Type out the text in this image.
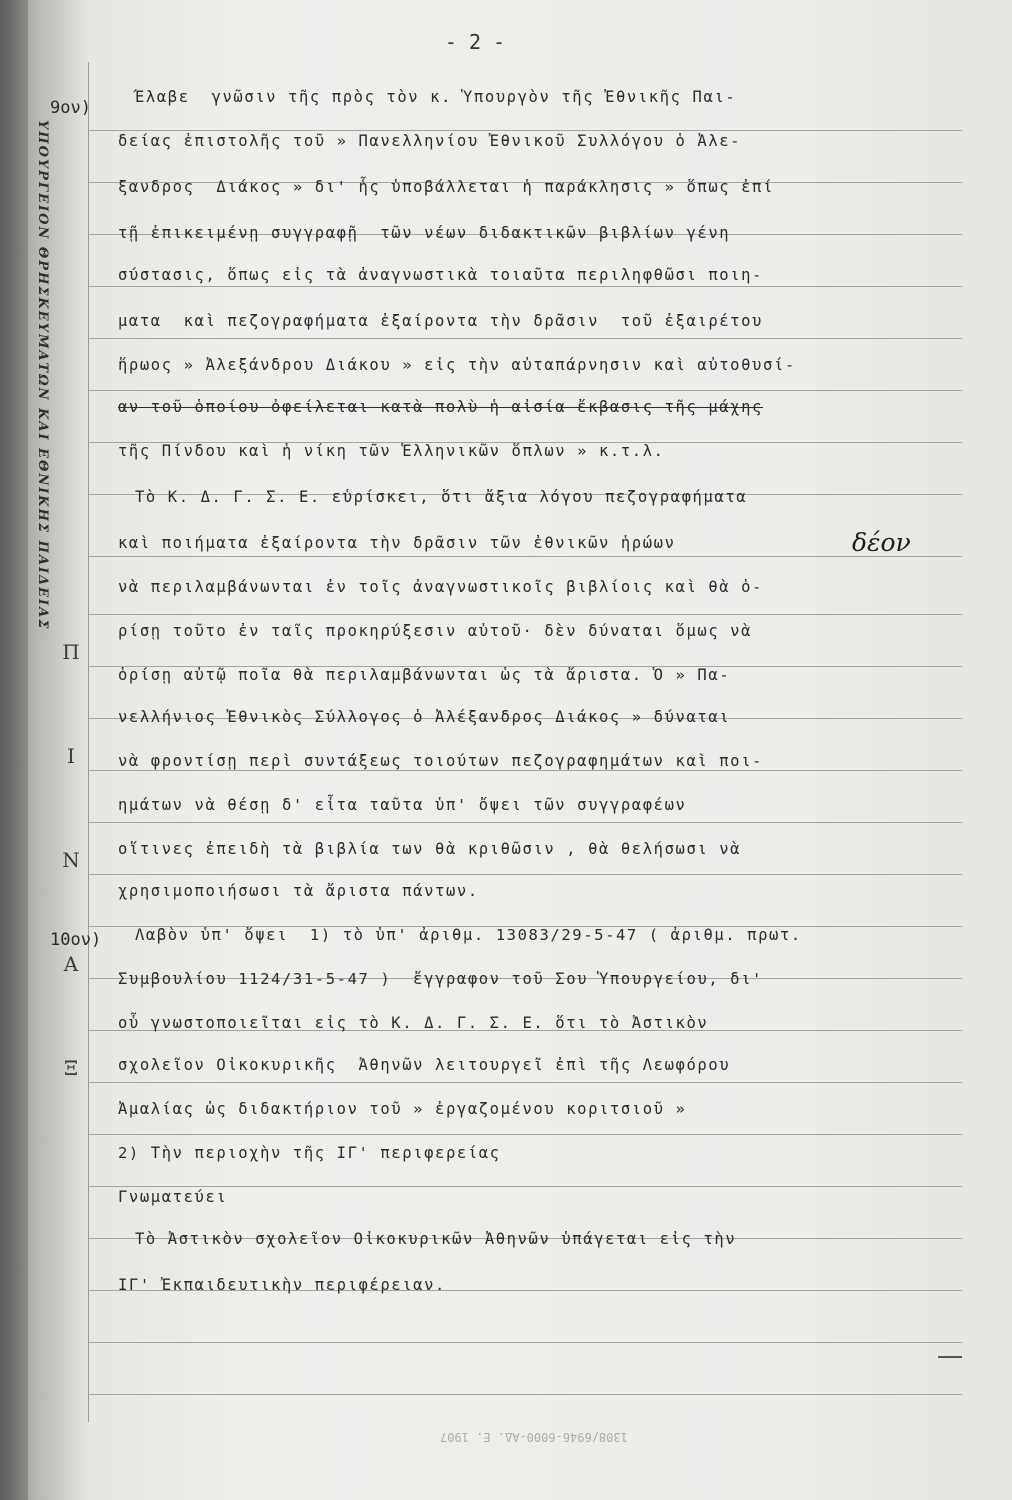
ΥΠΟΥΡΓΕΙΟΝ ΘΡΗΣΚΕΥΜΑΤΩΝ ΚΑΙ ΕΘΝΙΚΗΣ ΠΑΙΔΕΙΑΣ
Π
Ι
Ν
Α
Ξ
- 2 -
9ον)
10ον)
Έλαβε  γνῶσιν τῆς πρὸς τὸν κ. Ὑπουργὸν τῆς Ἐθνικῆς Παι-
δείας ἐπιστολῆς τοῦ » Πανελληνίου Ἐθνικοῦ Συλλόγου ὁ Ἀλε-
ξανδρος  Διάκος » δι' ἧς ὑποβάλλεται ἡ παράκλησις » ὅπως ἐπί
τῇ ἐπικειμένῃ συγγραφῇ  τῶν νέων διδακτικῶν βιβλίων γένη
σύστασις, ὅπως εἰς τὰ ἀναγνωστικὰ τοιαῦτα περιληφθῶσι ποιη-
ματα  καὶ πεζογραφήματα ἐξαίροντα τὴν δρᾶσιν  τοῦ ἐξαιρέτου
ἥρωος » Ἀλεξάνδρου Διάκου » εἰς τὴν αὐταπάρνησιν καὶ αὐτοθυσί-
αν τοῦ ὁποίου ὀφείλεται κατὰ πολὺ ἡ αἰσία ἔκβασις τῆς μάχης
τῆς Πίνδου καὶ ἡ νίκη τῶν Ἑλληνικῶν ὅπλων » κ.τ.λ.
Τὸ Κ. Δ. Γ. Σ. Ε. εὑρίσκει, ὅτι ἄξια λόγου πεζογραφήματα
καὶ ποιήματα ἐξαίροντα τὴν δρᾶσιν τῶν ἐθνικῶν ἡρώων
νὰ περιλαμβάνωνται ἐν τοῖς ἀναγνωστικοῖς βιβλίοις καὶ θὰ ὁ-
ρίσῃ τοῦτο ἐν ταῖς προκηρύξεσιν αὐτοῦ· δὲν δύναται ὅμως νὰ
ὁρίσῃ αὐτῷ ποῖα θὰ περιλαμβάνωνται ὡς τὰ ἄριστα. Ὁ » Πα-
νελλήνιος Ἐθνικὸς Σύλλογος ὁ Ἀλέξανδρος Διάκος » δύναται
νὰ φροντίσῃ περὶ συντάξεως τοιούτων πεζογραφημάτων καὶ ποι-
ημάτων νὰ θέσῃ δ' εἶτα ταῦτα ὑπ' ὄψει τῶν συγγραφέων
οἵτινες ἐπειδὴ τὰ βιβλία των θὰ κριθῶσιν , θὰ θελήσωσι νὰ
χρησιμοποιήσωσι τὰ ἄριστα πάντων.
Λαβὸν ὑπ' ὄψει  1) τὸ ὑπ' ἀριθμ. 13083/29-5-47 ( ἀριθμ. πρωτ.
Συμβουλίου 1124/31-5-47 )  ἔγγραφον τοῦ Σου Ὑπουργείου, δι'
οὗ γνωστοποιεῖται εἰς τὸ Κ. Δ. Γ. Σ. Ε. ὅτι τὸ Ἀστικὸν
σχολεῖον Οἰκοκυρικῆς  Ἀθηνῶν λειτουργεῖ ἐπὶ τῆς Λεωφόρου
Ἀμαλίας ὡς διδακτήριον τοῦ » ἐργαζομένου κοριτσιοῦ »
2) Τὴν περιοχὴν τῆς ΙΓ' περιφερείας
Γνωματεύει
Τὸ Ἀστικὸν σχολεῖον Οἰκοκυρικῶν Ἀθηνῶν ὑπάγεται εἰς τὴν
ΙΓ' Ἐκπαιδευτικὴν περιφέρειαν.
δέον
1308/6946-6000-ΑΔ. Ε. 1907
